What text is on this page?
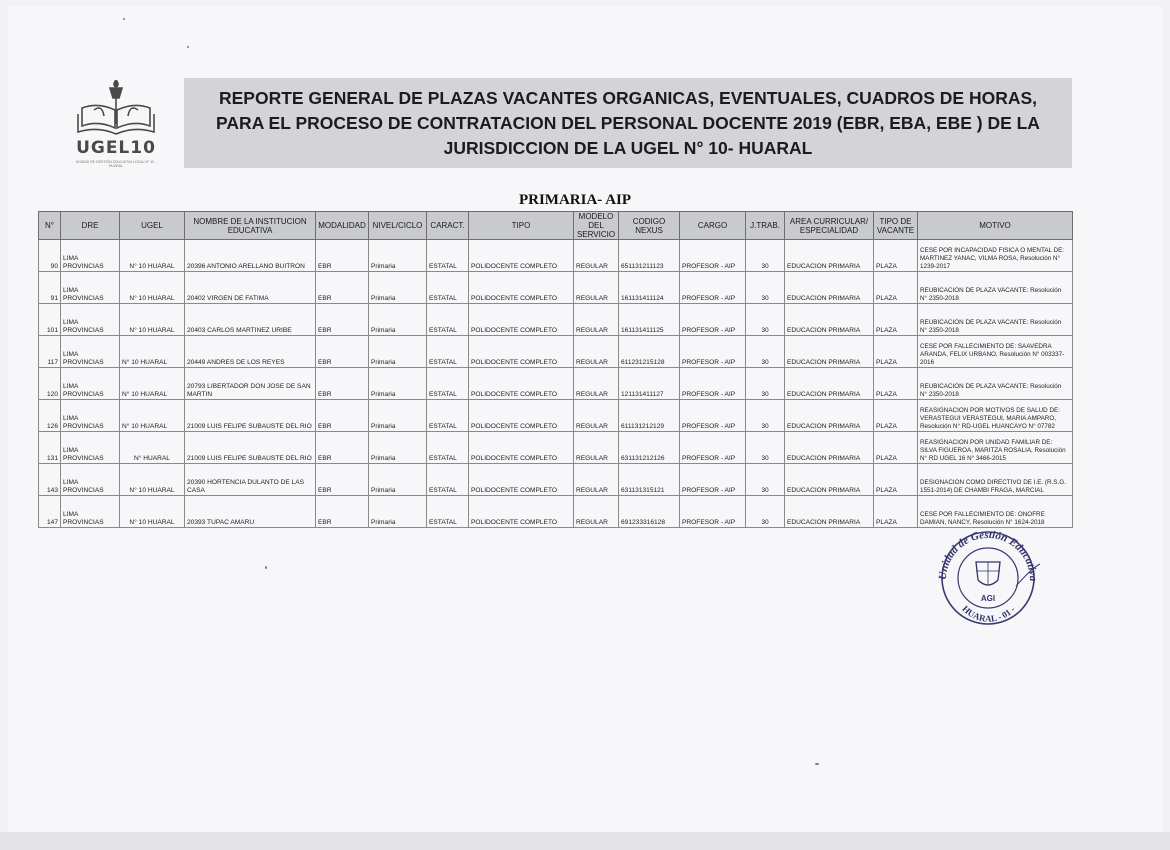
UGEL10
UNIDAD DE GESTIÓN EDUCATIVA LOCAL N° 10 - HUARAL
REPORTE GENERAL DE PLAZAS VACANTES ORGANICAS, EVENTUALES, CUADROS DE HORAS, PARA EL PROCESO DE CONTRATACION DEL PERSONAL DOCENTE 2019 (EBR, EBA, EBE ) DE LA JURISDICCION DE LA UGEL N° 10- HUARAL
PRIMARIA- AIP
N°	DRE	UGEL	NOMBRE DE LA INSTITUCION EDUCATIVA	MODALIDAD	NIVEL/CICLO	CARACT.	TIPO	MODELO DEL SERVICIO	CODIGO NEXUS	CARGO	J.TRAB.	AREA CURRICULAR/ ESPECIALIDAD	TIPO DE VACANTE	MOTIVO
90	LIMA PROVINCIAS	N° 10 HUARAL	20396 ANTONIO ARELLANO BUITRON	EBR	Primaria	ESTATAL	POLIDOCENTE COMPLETO	REGULAR	651131211123	PROFESOR - AIP	30	EDUCACION PRIMARIA	PLAZA	CESE POR INCAPACIDAD FISICA O MENTAL DE: MARTINEZ YANAC, VILMA ROSA, Resolución N° 1239-2017
91	LIMA PROVINCIAS	N° 10 HUARAL	20402 VIRGEN DE FATIMA	EBR	Primaria	ESTATAL	POLIDOCENTE COMPLETO	REGULAR	161131411124	PROFESOR - AIP	30	EDUCACION PRIMARIA	PLAZA	REUBICACION DE PLAZA VACANTE: Resolución N° 2350-2018
101	LIMA PROVINCIAS	N° 10 HUARAL	20403 CARLOS MARTINEZ URIBE	EBR	Primaria	ESTATAL	POLIDOCENTE COMPLETO	REGULAR	161131411125	PROFESOR - AIP	30	EDUCACION PRIMARIA	PLAZA	REUBICACION DE PLAZA VACANTE: Resolución N° 2350-2018
117	LIMA PROVINCIAS	N° 10 HUARAL	20449 ANDRES DE LOS REYES	EBR	Primaria	ESTATAL	POLIDOCENTE COMPLETO	REGULAR	611231215128	PROFESOR - AIP	30	EDUCACION PRIMARIA	PLAZA	CESE POR FALLECIMIENTO DE: SAAVEDRA ARANDA, FELIX URBANO, Resolución N° 003337-2016
120	LIMA PROVINCIAS	N° 10 HUARAL	20793 LIBERTADOR DON JOSE DE SAN MARTIN	EBR	Primaria	ESTATAL	POLIDOCENTE COMPLETO	REGULAR	121131411127	PROFESOR - AIP	30	EDUCACION PRIMARIA	PLAZA	REUBICACION DE PLAZA VACANTE: Resolución N° 2350-2018
126	LIMA PROVINCIAS	N° 10 HUARAL	21009 LUIS FELIPE SUBAUSTE DEL RIO	EBR	Primaria	ESTATAL	POLIDOCENTE COMPLETO	REGULAR	611131212129	PROFESOR - AIP	30	EDUCACION PRIMARIA	PLAZA	REASIGNACION POR MOTIVOS DE SALUD DE: VERASTEGUI VERASTEGUI, MARIA AMPARO, Resolución N° RD-UGEL HUANCAYO N° 07782
131	LIMA PROVINCIAS	N° HUARAL	21009 LUIS FELIPE SUBAUSTE DEL RIO	EBR	Primaria	ESTATAL	POLIDOCENTE COMPLETO	REGULAR	631131212126	PROFESOR - AIP	30	EDUCACION PRIMARIA	PLAZA	REASIGNACION POR UNIDAD FAMILIAR DE: SILVA FIGUEROA, MARITZA ROSALIA, Resolución N° RD UGEL 16 N° 3466-2015
143	LIMA PROVINCIAS	N° 10 HUARAL	20390 HORTENCIA DULANTO DE LAS CASA	EBR	Primaria	ESTATAL	POLIDOCENTE COMPLETO	REGULAR	631131315121	PROFESOR - AIP	30	EDUCACION PRIMARIA	PLAZA	DESIGNACION COMO DIRECTIVO DE I.E. (R.S.G. 1551-2014) DE CHAMBI FRAGA, MARCIAL
147	LIMA PROVINCIAS	N° 10 HUARAL	20393 TUPAC AMARU	EBR	Primaria	ESTATAL	POLIDOCENTE COMPLETO	REGULAR	691233316128	PROFESOR - AIP	30	EDUCACION PRIMARIA	PLAZA	CESE POR FALLECIMIENTO DE: ONOFRE DAMIAN, NANCY, Resolución N° 1624-2018
Unidad de Gestión Educativa
HUARAL - 01 -
AGI
